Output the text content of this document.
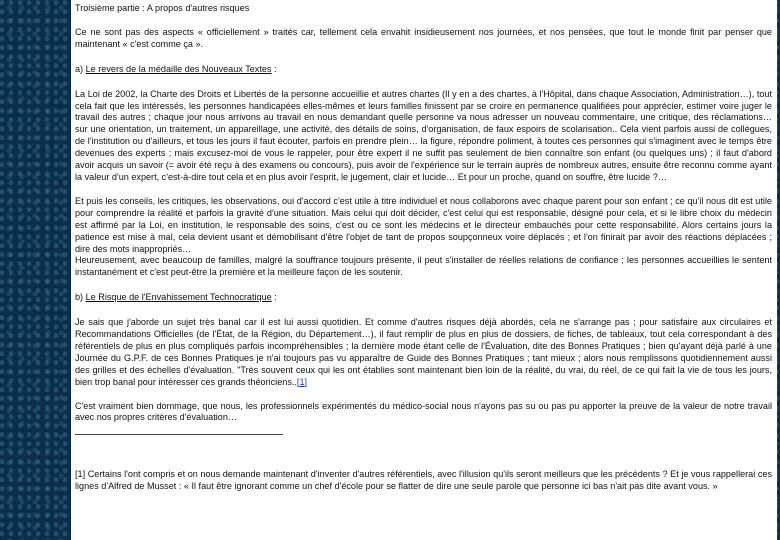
Troisième partie : A propos d'autres risques

Ce ne sont pas des aspects « officiellement » traités car, tellement cela envahit insidieusement nos journées, et nos pensées, que tout le monde finit par penser que maintenant « c'est comme ça ».

a) Le revers de la médaille des Nouveaux Textes :

La Loi de 2002, la Charte des Droits et Libertés de la personne accueillie et autres chartes (Il y en a des chartes, à l'Hôpital, dans chaque Association, Administration…), tout cela fait que les intéressés, les personnes handicapées elles-mêmes et leurs familles finissent par se croire en permanence qualifiées pour apprécier, estimer voire juger le travail des autres ; chaque jour nous arrivons au travail en nous demandant quelle personne va nous adresser un nouveau commentaire, une critique, des réclamations… sur une orientation, un traitement, un appareillage, une activité, des détails de soins, d'organisation, de faux espoirs de scolarisation.. Cela vient parfois aussi de collègues, de l'institution ou d'ailleurs, et tous les jours il faut écouter, parfois en prendre plein… la figure, répondre poliment, à toutes ces personnes qui s'imaginent avec le temps être devenues des experts ; mais excusez-moi de vous le rappeler, pour être expert il ne suffit pas seulement de bien connaître son enfant (ou quelques uns) ; il faut d'abord avoir acquis un savoir (= avoir été reçu à des examens ou concours), puis avoir de l'expérience sur le terrain auprès de nombreux autres, ensuite être reconnu comme ayant la valeur d'un expert, c'est-à-dire tout cela et en plus avoir l'esprit, le jugement, clair et lucide… Et pour un proche, quand on souffre, être lucide ?…

Et puis les conseils, les critiques, les observations, oui d'accord c'est utile à titre individuel et nous collaborons avec chaque parent pour son enfant ; ce qu'il nous dit est utile pour comprendre la réalité et parfois la gravité d'une situation. Mais celui qui doit décider, c'est celui qui est responsable, désigné pour cela, et si le libre choix du médecin est affirmé par la Loi, en institution, le responsable des soins, c'est ou ce sont les médecins et le directeur embauchés pour cette responsabilité. Alors certains jours la patience est mise à mal, cela devient usant et démobilisant d'être l'objet de tant de propos soupçonneux voire déplacés ; et l'on finirait par avoir des réactions déplacées ; dire des mots inappropriés…

Heureusement, avec beaucoup de familles, malgré la souffrance toujours présente, il peut s'installer de réelles relations de confiance ; les personnes accueillies le sentent instantanément et c'est peut-être la première et la meilleure façon de les soutenir.

b) Le Risque de l'Envahissement Technocratique :

Je sais que j'aborde un sujet très banal car il est lui aussi quotidien. Et comme d'autres risques déjà abordés, cela ne s'arrange pas ; pour satisfaire aux circulaires et Recommandations Officielles (de l'État, de la Région, du Département…), il faut remplir de plus en plus de dossiers, de fiches, de tableaux, tout cela correspondant à des référentiels de plus en plus compliqués parfois incompréhensibles ; la dernière mode étant celle de l'Évaluation, dite des Bonnes Pratiques ; bien qu'ayant déjà parlé à une Journée du G.P.F. de ces Bonnes Pratiques je n'ai toujours pas vu apparaître de Guide des Bonnes Pratiques ; tant mieux ; alors nous remplissons quotidiennement aussi des grilles et des échelles d'évaluation. "Très souvent ceux qui les ont établies sont maintenant bien loin de la réalité, du vrai, du réel, de ce qui fait la vie de tous les jours, bien trop banal pour intéresser ces grands théoriciens..[1]

C'est vraiment bien dommage, que nous, les professionnels expérimentés du médico-social nous n'ayons pas su ou pas pu apporter la preuve de la valeur de notre travail avec nos propres critères d'évaluation…

[1] Certains l'ont compris et on nous demande maintenant d'inventer d'autres référentiels, avec l'illusion qu'ils seront meilleurs que les précédents ? Et je vous rappellerai ces lignes d'Alfred de Musset : « Il faut être ignorant comme un chef d'école pour se flatter de dire une seule parole que personne ici bas n'ait pas dite avant vous. »
